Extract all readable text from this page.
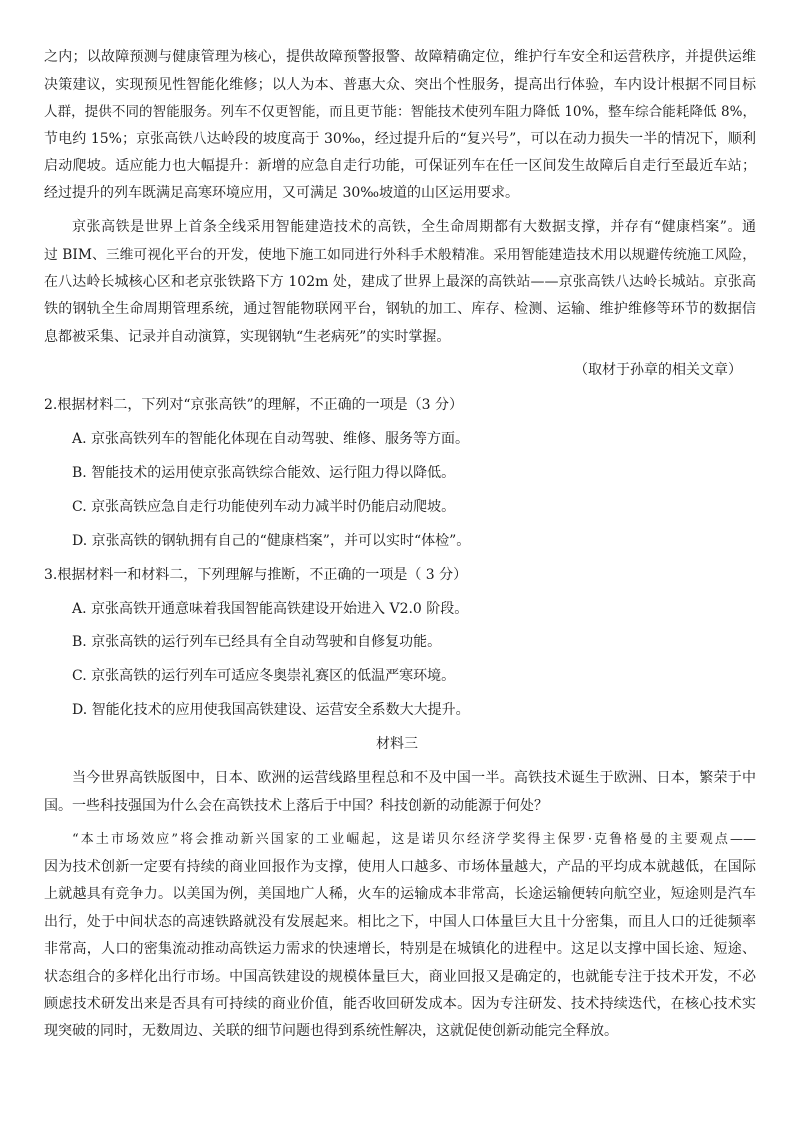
之内；以故障预测与健康管理为核心，提供故障预警报警、故障精确定位，维护行车安全和运营秩序，并提供运维
决策建议，实现预见性智能化维修；以人为本、普惠大众、突出个性服务，提高出行体验，车内设计根据不同目标
人群，提供不同的智能服务。列车不仅更智能，而且更节能：智能技术使列车阻力降低 10%，整车综合能耗降低 8%，
节电约 15%；京张高铁八达岭段的坡度高于 30‰，经过提升后的“复兴号”，可以在动力损失一半的情况下，顺利
启动爬坡。适应能力也大幅提升：新增的应急自走行功能，可保证列车在任一区间发生故障后自走行至最近车站；
经过提升的列车既满足高寒环境应用，又可满足 30‰坡道的山区运用要求。
京张高铁是世界上首条全线采用智能建造技术的高铁，全生命周期都有大数据支撑，并存有“健康档案”。通
过 BIM、三维可视化平台的开发，使地下施工如同进行外科手术般精准。采用智能建造技术用以规避传统施工风险，
在八达岭长城核心区和老京张铁路下方 102m 处，建成了世界上最深的高铁站——京张高铁八达岭长城站。京张高
铁的钢轨全生命周期管理系统，通过智能物联网平台，钢轨的加工、库存、检测、运输、维护维修等环节的数据信
息都被采集、记录并自动演算，实现钢轨“生老病死”的实时掌握。
（取材于孙章的相关文章）
2.根据材料二，下列对“京张高铁”的理解，不正确的一项是（3 分）
A. 京张高铁列车的智能化体现在自动驾驶、维修、服务等方面。
B. 智能技术的运用使京张高铁综合能效、运行阻力得以降低。
C. 京张高铁应急自走行功能使列车动力减半时仍能启动爬坡。
D. 京张高铁的钢轨拥有自己的“健康档案”，并可以实时“体检”。
3.根据材料一和材料二，下列理解与推断，不正确的一项是（ 3 分）
A. 京张高铁开通意味着我国智能高铁建设开始进入 V2.0 阶段。
B. 京张高铁的运行列车已经具有全自动驾驶和自修复功能。
C. 京张高铁的运行列车可适应冬奥崇礼赛区的低温严寒环境。
D. 智能化技术的应用使我国高铁建设、运营安全系数大大提升。
材料三
当今世界高铁版图中，日本、欧洲的运营线路里程总和不及中国一半。高铁技术诞生于欧洲、日本，繁荣于中
国。一些科技强国为什么会在高铁技术上落后于中国？科技创新的动能源于何处？
“本土市场效应”将会推动新兴国家的工业崛起，这是诺贝尔经济学奖得主保罗·克鲁格曼的主要观点——
因为技术创新一定要有持续的商业回报作为支撑，使用人口越多、市场体量越大，产品的平均成本就越低，在国际
上就越具有竞争力。以美国为例，美国地广人稀，火车的运输成本非常高，长途运输便转向航空业，短途则是汽车
出行，处于中间状态的高速铁路就没有发展起来。相比之下，中国人口体量巨大且十分密集，而且人口的迁徙频率
非常高，人口的密集流动推动高铁运力需求的快速增长，特别是在城镇化的进程中。这足以支撑中国长途、短途、
状态组合的多样化出行市场。中国高铁建设的规模体量巨大，商业回报又是确定的，也就能专注于技术开发，不必
顾虑技术研发出来是否具有可持续的商业价值，能否收回研发成本。因为专注研发、技术持续迭代，在核心技术实
现突破的同时，无数周边、关联的细节问题也得到系统性解决，这就促使创新动能完全释放。
